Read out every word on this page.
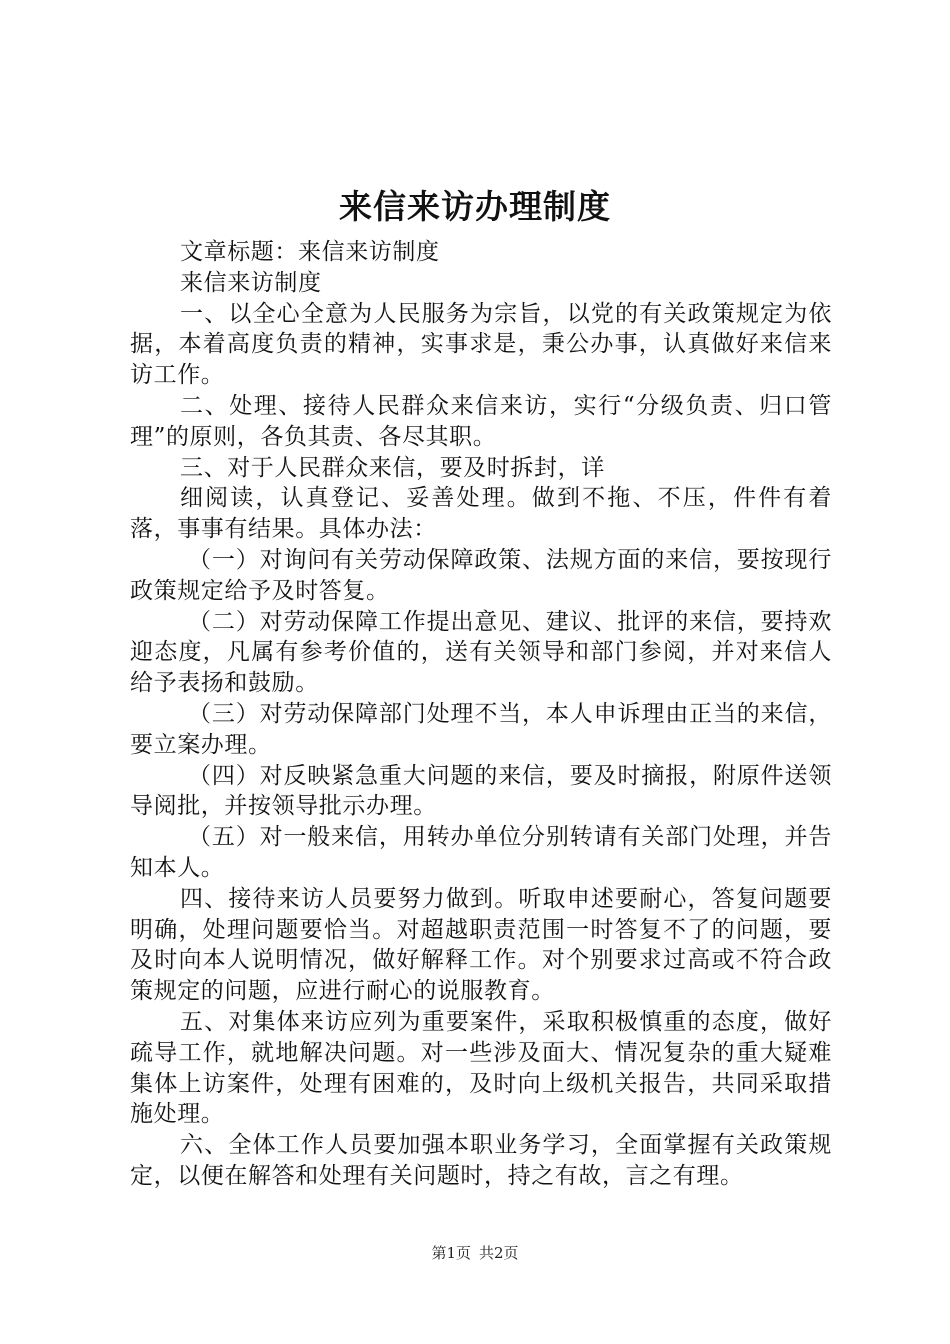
来信来访办理制度

文章标题：来信来访制度

来信来访制度

一、以全心全意为人民服务为宗旨，以党的有关政策规定为依据，本着高度负责的精神，实事求是，秉公办事，认真做好来信来访工作。

二、处理、接待人民群众来信来访，实行“分级负责、归口管理”的原则，各负其责、各尽其职。

三、对于人民群众来信，要及时拆封，详

细阅读，认真登记、妥善处理。做到不拖、不压，件件有着落，事事有结果。具体办法：

（一）对询问有关劳动保障政策、法规方面的来信，要按现行政策规定给予及时答复。

（二）对劳动保障工作提出意见、建议、批评的来信，要持欢迎态度，凡属有参考价值的，送有关领导和部门参阅，并对来信人给予表扬和鼓励。

（三）对劳动保障部门处理不当，本人申诉理由正当的来信，要立案办理。

（四）对反映紧急重大问题的来信，要及时摘报，附原件送领导阅批，并按领导批示办理。

（五）对一般来信，用转办单位分别转请有关部门处理，并告知本人。

四、接待来访人员要努力做到。听取申述要耐心，答复问题要明确，处理问题要恰当。对超越职责范围一时答复不了的问题，要及时向本人说明情况，做好解释工作。对个别要求过高或不符合政策规定的问题，应进行耐心的说服教育。

五、对集体来访应列为重要案件，采取积极慎重的态度，做好疏导工作，就地解决问题。对一些涉及面大、情况复杂的重大疑难集体上访案件，处理有困难的，及时向上级机关报告，共同采取措施处理。

六、全体工作人员要加强本职业务学习，全面掌握有关政策规定，以便在解答和处理有关问题时，持之有故，言之有理。

第1页 共2页
